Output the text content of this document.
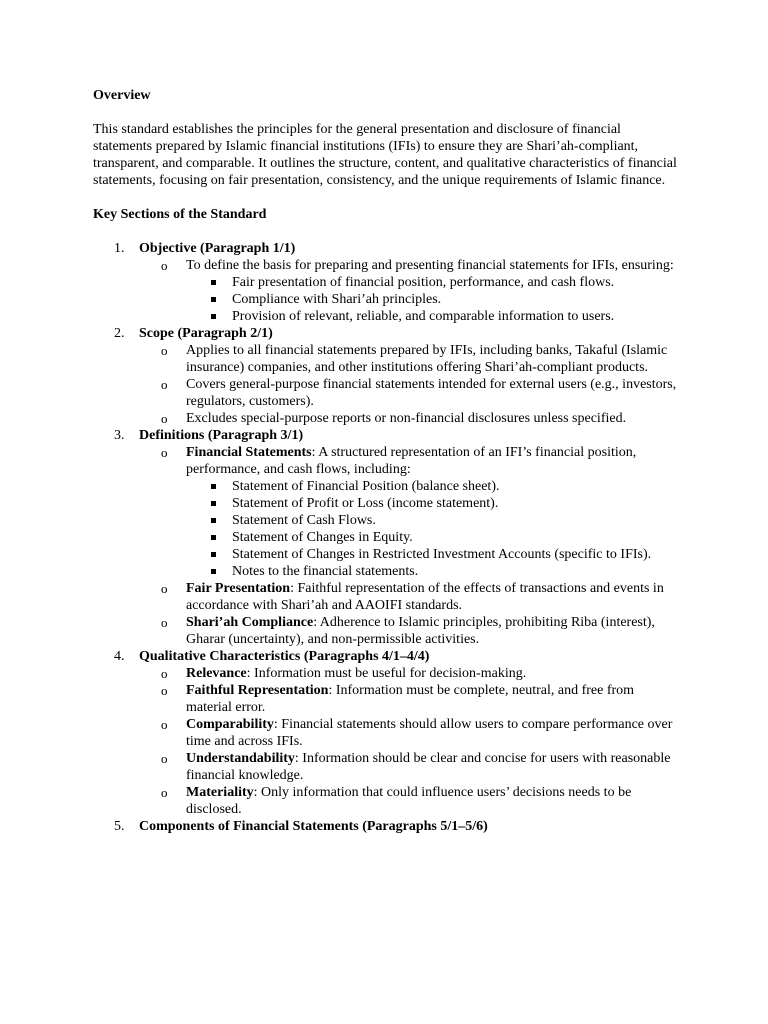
Overview

This standard establishes the principles for the general presentation and disclosure of financial statements prepared by Islamic financial institutions (IFIs) to ensure they are Shari’ah-compliant, transparent, and comparable. It outlines the structure, content, and qualitative characteristics of financial statements, focusing on fair presentation, consistency, and the unique requirements of Islamic finance.

Key Sections of the Standard

1.	Objective (Paragraph 1/1)
o To define the basis for preparing and presenting financial statements for IFIs, ensuring:
Fair presentation of financial position, performance, and cash flows.
Compliance with Shari’ah principles.
Provision of relevant, reliable, and comparable information to users.
2.	Scope (Paragraph 2/1)
o Applies to all financial statements prepared by IFIs, including banks, Takaful (Islamic insurance) companies, and other institutions offering Shari’ah-compliant products.
o Covers general-purpose financial statements intended for external users (e.g., investors, regulators, customers).
o Excludes special-purpose reports or non-financial disclosures unless specified.
3.	Definitions (Paragraph 3/1)
o Financial Statements: A structured representation of an IFI’s financial position, performance, and cash flows, including:
Statement of Financial Position (balance sheet).
Statement of Profit or Loss (income statement).
Statement of Cash Flows.
Statement of Changes in Equity.
Statement of Changes in Restricted Investment Accounts (specific to IFIs).
Notes to the financial statements.
o Fair Presentation: Faithful representation of the effects of transactions and events in accordance with Shari’ah and AAOIFI standards.
o Shari’ah Compliance: Adherence to Islamic principles, prohibiting Riba (interest), Gharar (uncertainty), and non-permissible activities.
4.	Qualitative Characteristics (Paragraphs 4/1–4/4)
o Relevance: Information must be useful for decision-making.
o Faithful Representation: Information must be complete, neutral, and free from material error.
o Comparability: Financial statements should allow users to compare performance over time and across IFIs.
o Understandability: Information should be clear and concise for users with reasonable financial knowledge.
o Materiality: Only information that could influence users’ decisions needs to be disclosed.
5.	Components of Financial Statements (Paragraphs 5/1–5/6)
